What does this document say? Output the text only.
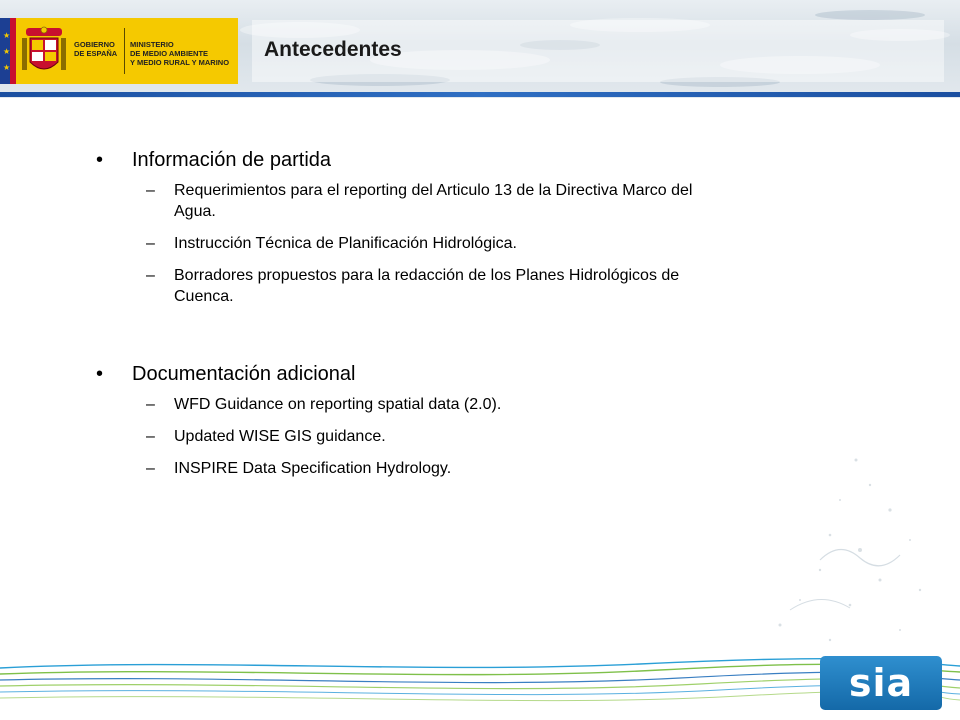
★
★
★
GOBIERNO
DE ESPAÑA
MINISTERIO
DE MEDIO AMBIENTE
Y MEDIO RURAL Y MARINO
Antecedentes
•	Información de partida
–	Requerimientos para el reporting del Articulo 13 de la Directiva Marco del Agua.
–	Instrucción Técnica de Planificación Hidrológica.
–	Borradores propuestos para la redacción de los Planes Hidrológicos de Cuenca.
•	Documentación adicional
–	WFD Guidance on reporting spatial data (2.0).
–	Updated WISE GIS guidance.
–	INSPIRE Data Specification Hydrology.
sia
